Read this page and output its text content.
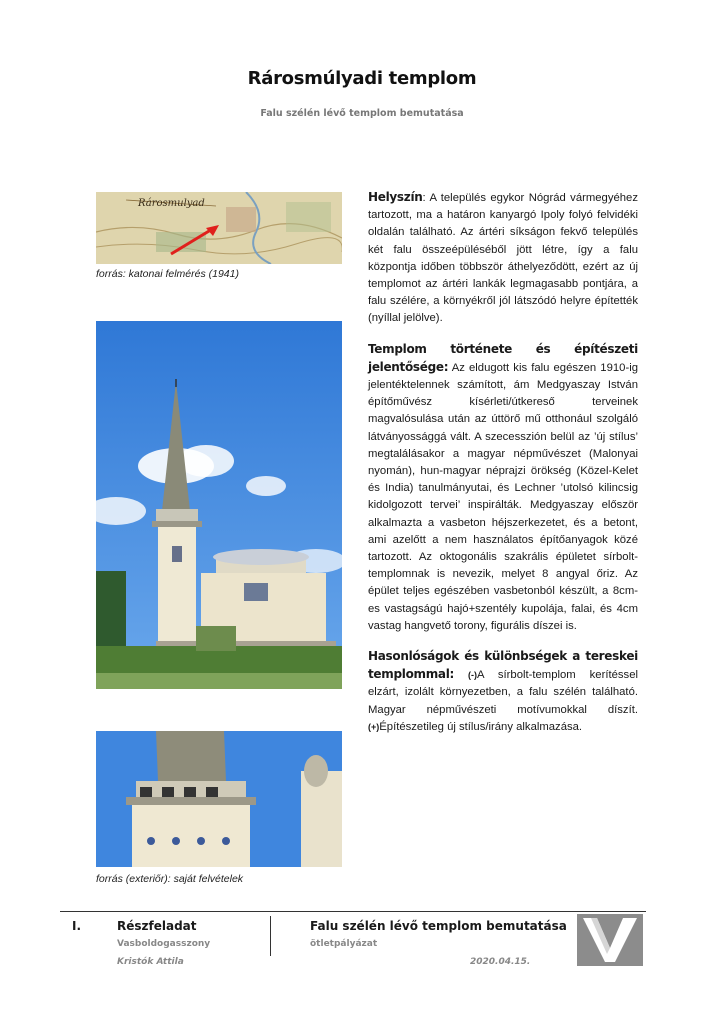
Rárosmúlyadi templom
Falu szélén lévő templom bemutatása
Rárosmulyad
forrás: katonai felmérés (1941)
forrás (exteriőr): saját felvételek

Helyszín: A település egykor Nógrád vármegyéhez tartozott, ma a határon kanyargó Ipoly folyó felvidéki oldalán található. Az ártéri síkságon fekvő település két falu összeépüléséből jött létre, így a falu központja időben többször áthelyeződött, ezért az új templomot az ártéri lankák legmagasabb pontjára, a falu szélére, a környékről jól látszódó helyre építették (nyíllal jelölve).

Templom története és építészeti jelentősége: Az eldugott kis falu egészen 1910-ig jelentéktelennek számított, ám Medgyaszay István építőművész kísérleti/útkereső terveinek magvalósulása után az úttörő mű otthonául szolgáló látványossággá vált. A szecesszión belül az ’új stílus’ megtalálásakor a magyar népművészet (Malonyai nyomán), hun-magyar néprajzi örökség (Közel-Kelet és India) tanulmányutai, és Lechner ’utolsó kilincsig kidolgozott tervei’ inspirálták. Medgyaszay először alkalmazta a vasbeton héjszerkezetet, és a betont, ami azelőtt a nem használatos építőanyagok közé tartozott. Az oktogonális szakrális épületet sírbolt-templomnak is nevezik, melyet 8 angyal őriz. Az épület teljes egészében vasbetonból készült, a 8cm-es vastagságú hajó+szentély kupolája, falai, és 4cm vastag hangvető torony, figurális díszei is.

Hasonlóságok és különbségek a tereskei templommal: (-)A sírbolt-templom kerítéssel elzárt, izolált környezetben, a falu szélén található. Magyar népművészeti motívumokkal díszít. (+)Építészetileg új stílus/irány alkalmazása.

I.	Részfeladat
Vasboldogasszony
Kristók Attila
Falu szélén lévő templom bemutatása
ötletpályázat
2020.04.15.
